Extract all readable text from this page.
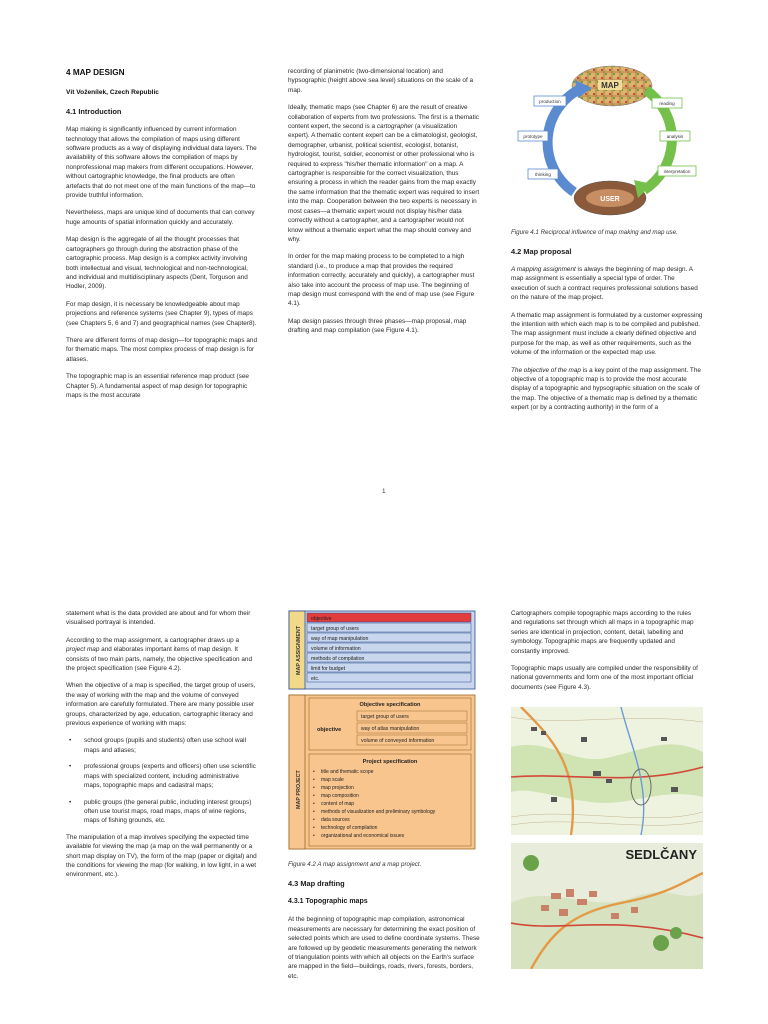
4 MAP DESIGN
Vít Voženílek, Czech Republic
4.1 Introduction

Map making is significantly influenced by current information technology that allows the compilation of maps using different software products as a way of displaying individual data layers. The availability of this software allows the compilation of maps by nonprofessional map makers from different occupations. However, without cartographic knowledge, the final products are often artefacts that do not meet one of the main functions of the map—to provide truthful information.

Nevertheless, maps are unique kind of documents that can convey huge amounts of spatial information quickly and accurately.

Map design is the aggregate of all the thought processes that cartographers go through during the abstraction phase of the cartographic process. Map design is a complex activity involving both intellectual and visual, technological and non-technological, and individual and multidisciplinary aspects (Dent, Torguson and Hodler, 2009).

For map design, it is necessary be knowledgeable about map projections and reference systems (see Chapter 9), types of maps (see Chapters 5, 6 and 7) and geographical names (see Chapter8).

There are different forms of map design—for topographic maps and for thematic maps. The most complex process of map design is for atlases.

The topographic map is an essential reference map product (see Chapter 5). A fundamental aspect of map design for topographic maps is the most accurate

recording of planimetric (two-dimensional location) and hypsographic (height above sea level) situations on the scale of a map.

Ideally, thematic maps (see Chapter 6) are the result of creative collaboration of experts from two professions. The first is a thematic content expert, the second is a cartographer (a visualization expert). A thematic content expert can be a climatologist, geologist, demographer, urbanist, political scientist, ecologist, botanist, hydrologist, tourist, soldier, economist or other professional who is required to express "his/her thematic information" on a map. A cartographer is responsible for the correct visualization, thus ensuring a process in which the reader gains from the map exactly the same information that the thematic expert was required to insert into the map. Cooperation between the two experts is necessary in most cases—a thematic expert would not display his/her data correctly without a cartographer, and a cartographer would not know without a thematic expert what the map should convey and why.

In order for the map making process to be completed to a high standard (i.e., to produce a map that provides the required information correctly, accurately and quickly), a cartographer must also take into account the process of map use. The beginning of map design must correspond with the end of map use (see Figure 4.1).

Map design passes through three phases—map proposal, map drafting and map compilation (see Figure 4.1).

MAP
USER
production
prototype
thinking
reading
analysis
interpretation
Figure 4.1 Reciprocal influence of map making and map use.
4.2 Map proposal

A mapping assignment is always the beginning of map design. A map assignment is essentially a special type of order. The execution of such a contract requires professional solutions based on the nature of the map project.

A thematic map assignment is formulated by a customer expressing the intention with which each map is to be compiled and published. The map assignment must include a clearly defined objective and purpose for the map, as well as other requirements, such as the volume of the information or the expected map use.

The objective of the map is a key point of the map assignment. The objective of a topographic map is to provide the most accurate display of a topographic and hypsographic situation on the scale of the map. The objective of a thematic map is defined by a thematic expert (or by a contracting authority) in the form of a

1

statement what is the data provided are about and for whom their visualised portrayal is intended.

According to the map assignment, a cartographer draws up a project map and elaborates important items of map design. It consists of two main parts, namely, the objective specification and the project specification (see Figure 4.2).

When the objective of a map is specified, the target group of users, the way of working with the map and the volume of conveyed information are carefully formulated. There are many possible user groups, characterized by age, education, cartographic literacy and previous experience of working with maps:

• school groups (pupils and students) often use school wall maps and atlases;
• professional groups (experts and officers) often use scientific maps with specialized content, including administrative maps, topographic maps and cadastral maps;
• public groups (the general public, including interest groups) often use tourist maps, road maps, maps of wine regions, maps of fishing grounds, etc.

The manipulation of a map involves specifying the expected time available for viewing the map (a map on the wall permanently or a short map display on TV), the form of the map (paper or digital) and the conditions for viewing the map (for walking, in low light, in a wet environment, etc.).

MAP ASSIGNMENT
objective
target group of users
way of map manipulation
volume of information
methods of compilation
limit for budget
etc.
MAP PROJECT
Objective specification
objective
target group of users
way of atlas manipulation
volume of conveyed information
Project specification
• title and thematic scope
• map scale
• map projection
• map composition
• content of map
• methods of visualization and preliminary symbology
• data sources
• technology of compilation
• organizational and economical issues
Figure 4.2 A map assignment and a map project.
4.3 Map drafting
4.3.1 Topographic maps

At the beginning of topographic map compilation, astronomical measurements are necessary for determining the exact position of selected points which are used to define coordinate systems. These are followed up by geodetic measurements generating the network of triangulation points with which all objects on the Earth's surface are mapped in the field—buildings, roads, rivers, forests, borders, etc.

Cartographers compile topographic maps according to the rules and regulations set through which all maps in a topographic map series are identical in projection, content, detail, labelling and symbology. Topographic maps are frequently updated and constantly improved.

Topographic maps usually are compiled under the responsibility of national governments and form one of the most important official documents (see Figure 4.3).

SEDLČANY
